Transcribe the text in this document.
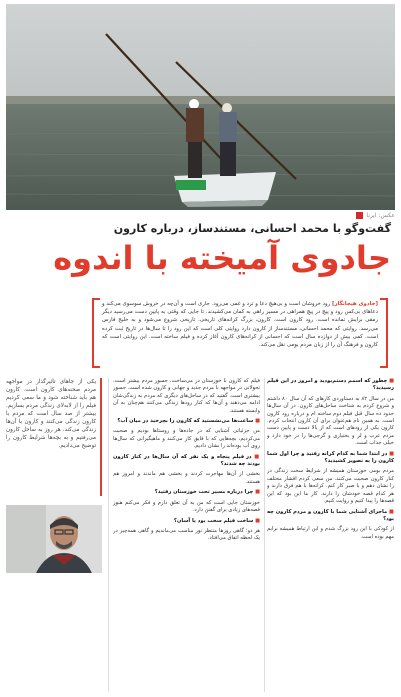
عکس: ایرنا
گفت‌وگو با محمد احسانی، مستندساز، درباره کارون
جادوی آمیخته با اندوه

[جادوی هیجانگار] رود خروشان است و بی‌هیچ دعا و ‌ترد و غمی می‌رود. جاری است و آن‌چه در خروش سوسوی می‌کند و دعاهای بی‌کس رود و پیچ در پیچ همراهی در مسیر راهی به کمان می‌کشیدند. تا جایی که وقتی به پایین دست می‌رسید دیگر رمقی برایش نمانده است. رود کارون است. کارون، بزرگ کرانه‌های تاریخی. تاریخی شروع می‌شود و به خلیج فارس می‌رسد. روایتی که محمد احسانی، مستندساز از کارون دارد روایتی کلی است که این رود را تا سال‌ها در تاریخ ثبت کرده است. کمی بیش از دوازده سال است که احسانی از کرانه‌های کارون آغاز کرده و فیلم ساخته است. این روایتی است که کارون و فرهنگ آن را از زبان مردم بومی نقل می‌کند.

■ چطور که اسمم دستم‌بودید و امروز در این فیلم رسیدید؟

من در سال ۸۲ به دستاوردی کارهای که آن سال ۸۰ داشتم و شروع کردم به شناخت ساحل‌های کارون. در آن سال‌ها حدود ده سال قبل فیلم دوم ساخته ام و درباره رود کارون است. به همین نام هم‌عنوان برای آن کارون انتخاب کردم. کارون یکی از رودهای است که از بالا دست و پایین دست مردم عرب و لر و بختیاری و گرجی‌ها را در خود دارد و خیلی جذاب است.

■ در ابتدا شما به کدام کرانه رفتید و چرا اول شما کارون را به تصویر کشیدید؟

مردم بومی خوزستان همیشه از شرایط سخت زندگی در کنار کارون صحبت می‌کنند. من سعی کردم اقشار مختلف را نشان دهم و با صبر کار کنم. کرانه‌ها با هم فرق دارند و هر کدام قصه خودشان را دارند. کار ما این بود که این قصه‌ها را پیدا کنیم و روایت کنیم.

■ ماجرای آشنایی شما با کارون و مردم کارون چه بود؟

از کودکی با این رود بزرگ شدم و این ارتباط همیشه برایم مهم بوده است.

فیلم که کارون با خوزستان در می‌ساخت، جسور مردم بیشتر است. تحولاتی در مواجهه با مردم جدید و جهانی و کارون شده است. جسور بیشتری است. گفتید که در ساحل‌های دیگری که مردم به زندگی‌شان ادامه می‌دهند و آن‌ها که کنار رودها زندگی می‌کنند هم‌چنان به آن وابسته هستند.

■ ساعت‌ها می‌نشستید که کارون را بچرخید در میان آب؟

من جزئیاتی آشنایی که در جاده‌ها و روستاها بودیم و صحبت می‌کردیم، بچه‌هایی که با قایق کار می‌کنند و ماهیگیرانی که سال‌ها روی آب بوده‌اند را نشان دادیم.

■ در فیلم پنجاه و یک نفر که آن سال‌ها در کنار کارون بودند چه شدند؟

بخشی از آن‌ها مهاجرت کردند و بخشی هم ماندند و امروز هم هستند.

■ چرا درباره مسیر تحت خوزستان رفتید؟

خوزستان جایی است که من به آن تعلق دارم و فکر می‌کنم هنوز قصه‌های زیادی برای گفتن دارد.

■ ساخت فیلم سخت بود یا آسان؟

هر دو؛ گاهی روزها منتظر نور مناسب می‌ماندیم و گاهی همه‌چیز در یک لحظه اتفاق می‌افتاد.

یکی از جاهای تأثیرگذار در مواجهه مردم صحنه‌های کارون است. کارون هم باید شناخته شود و ما سعی کردیم فیلم را از لابه‌لای زندگی مردم بسازیم. بیشتر از صد سال است که مردم با کارون زندگی می‌کنند و کارون با آن‌ها زندگی می‌کند. هر روز به ساحل کارون می‌رفتیم و به بچه‌ها شرایط کارون را توضیح می‌دادیم.
